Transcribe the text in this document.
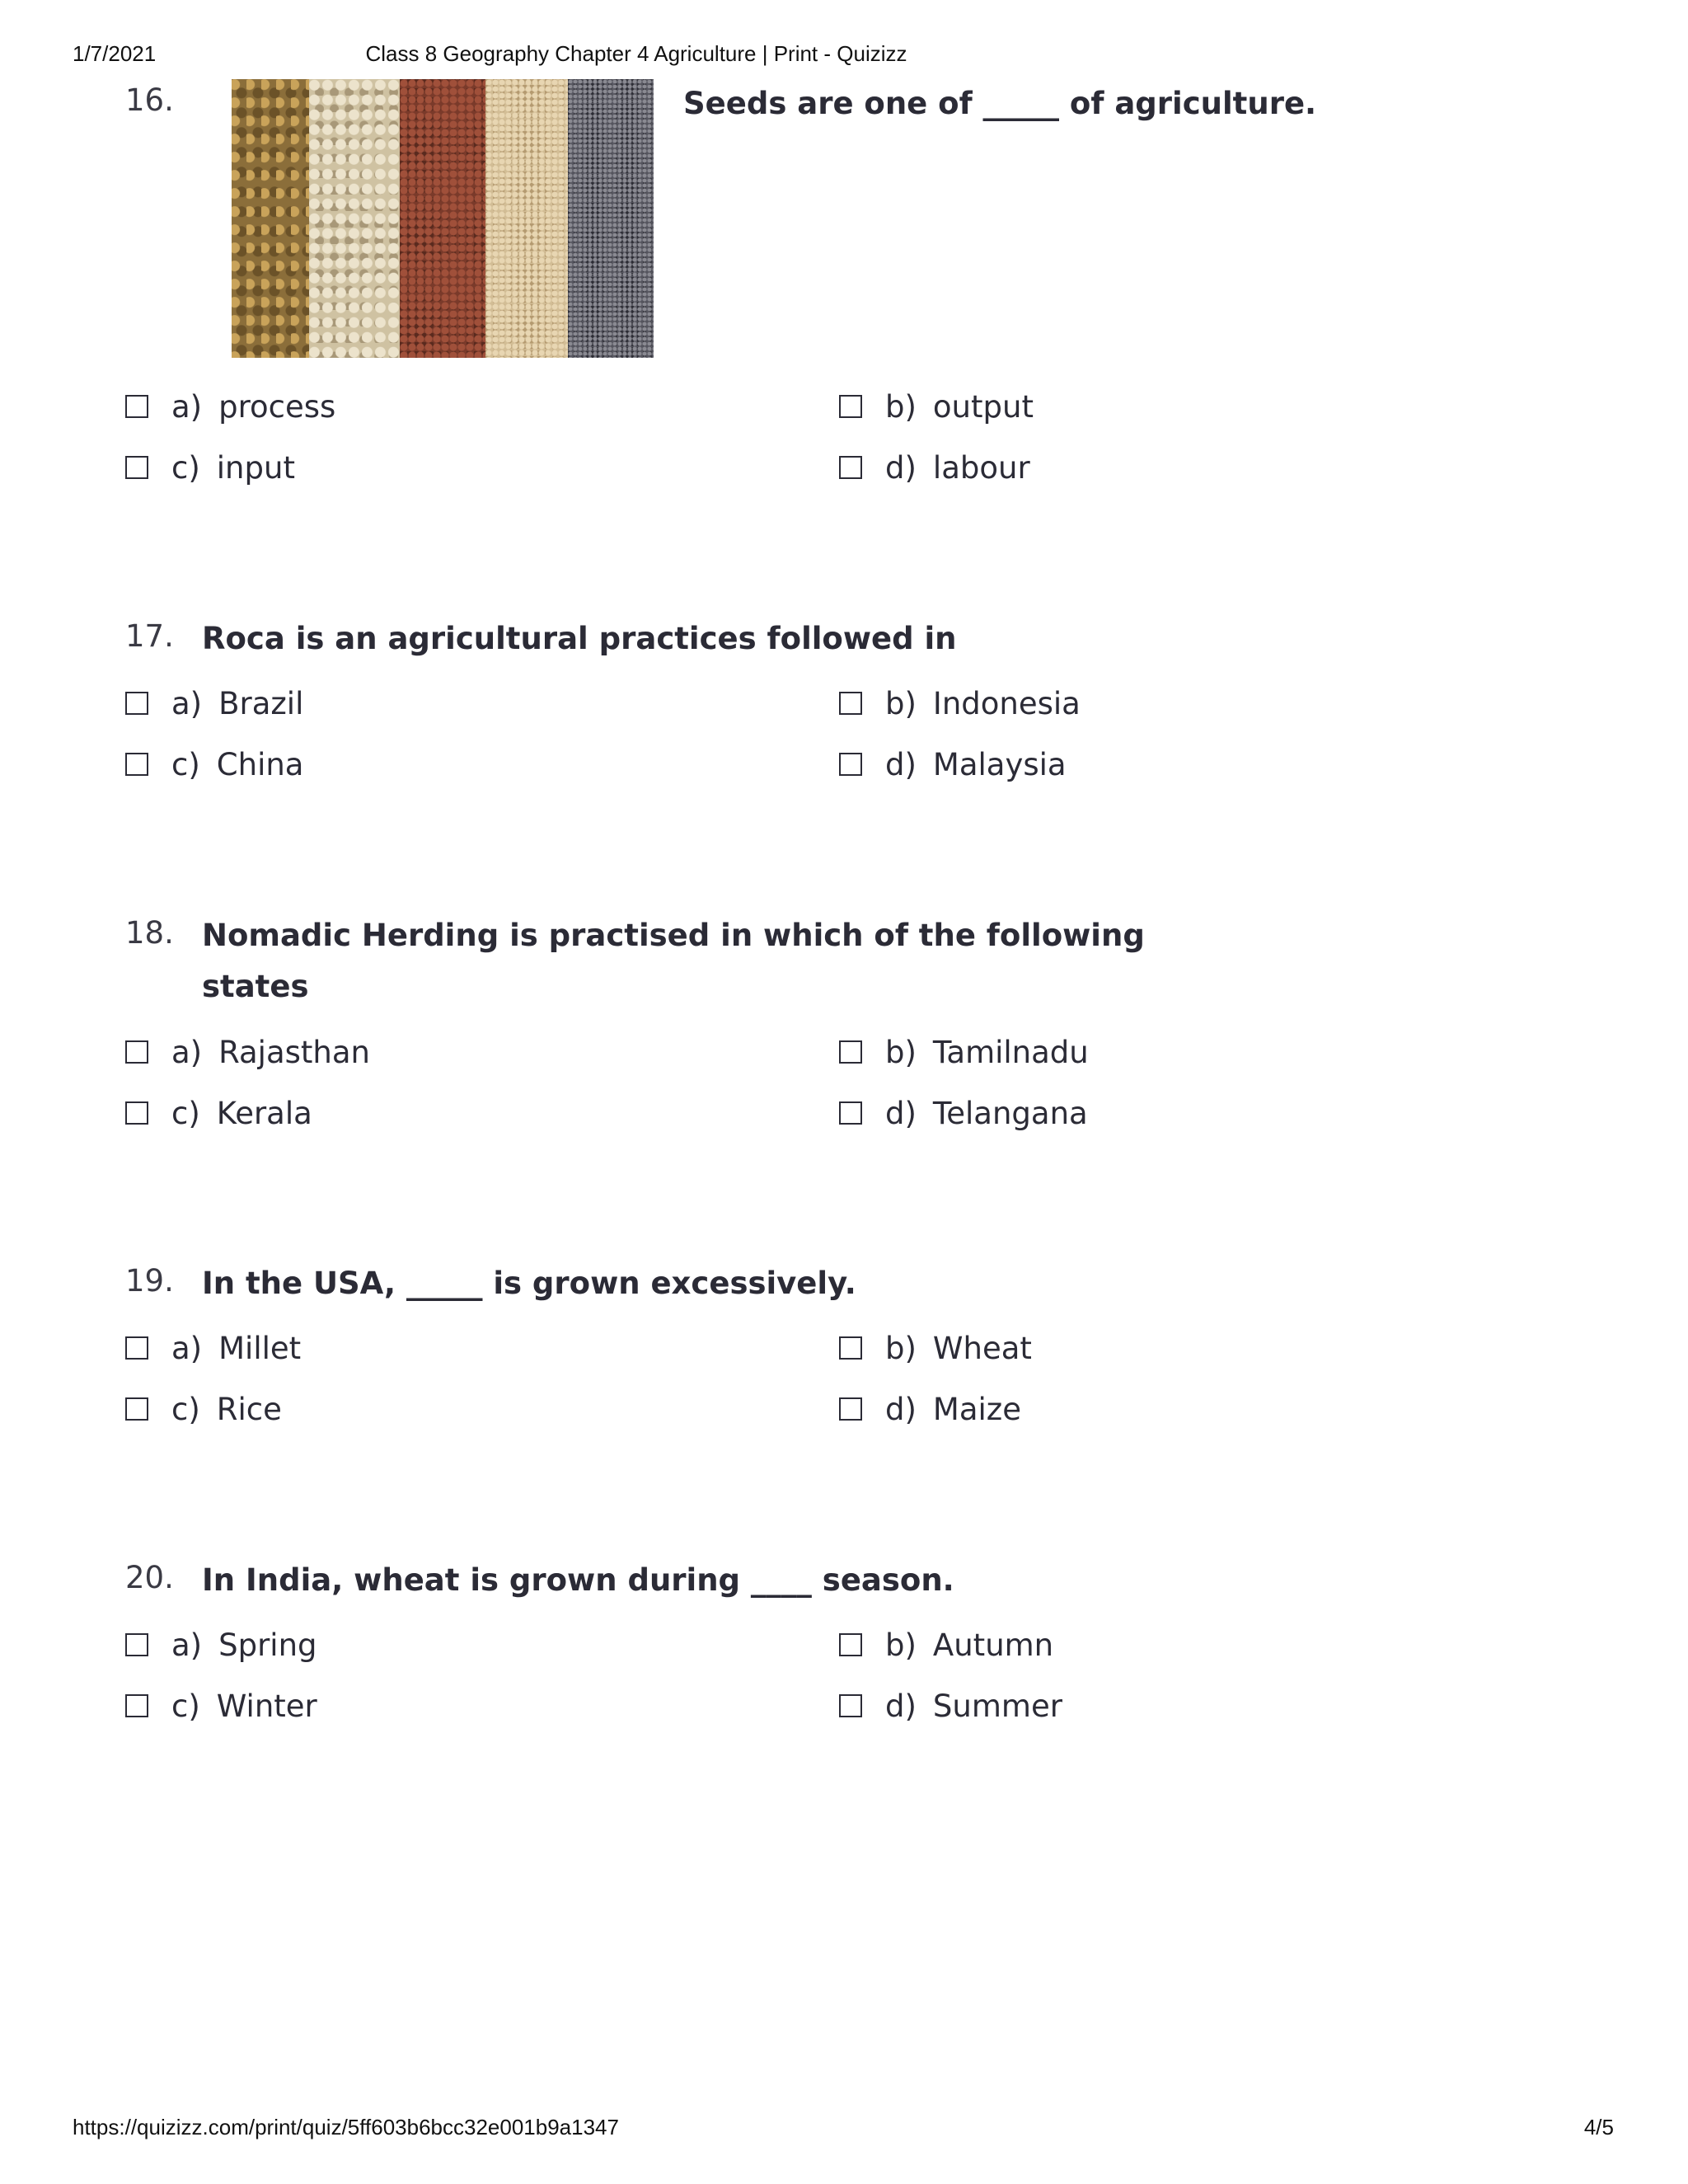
1/7/2021	Class 8 Geography Chapter 4 Agriculture | Print - Quizizz
16.	Seeds are one of _____ of agriculture.
a) process	b) output
c) input	d) labour
17. Roca is an agricultural practices followed in
a) Brazil	b) Indonesia
c) China	d) Malaysia
18. Nomadic Herding is practised in which of the following
states
a) Rajasthan	b) Tamilnadu
c) Kerala	d) Telangana
19. In the USA, _____ is grown excessively.
a) Millet	b) Wheat
c) Rice	d) Maize
20. In India, wheat is grown during ____ season.
a) Spring	b) Autumn
c) Winter	d) Summer
https://quizizz.com/print/quiz/5ff603b6bcc32e001b9a1347	4/5
